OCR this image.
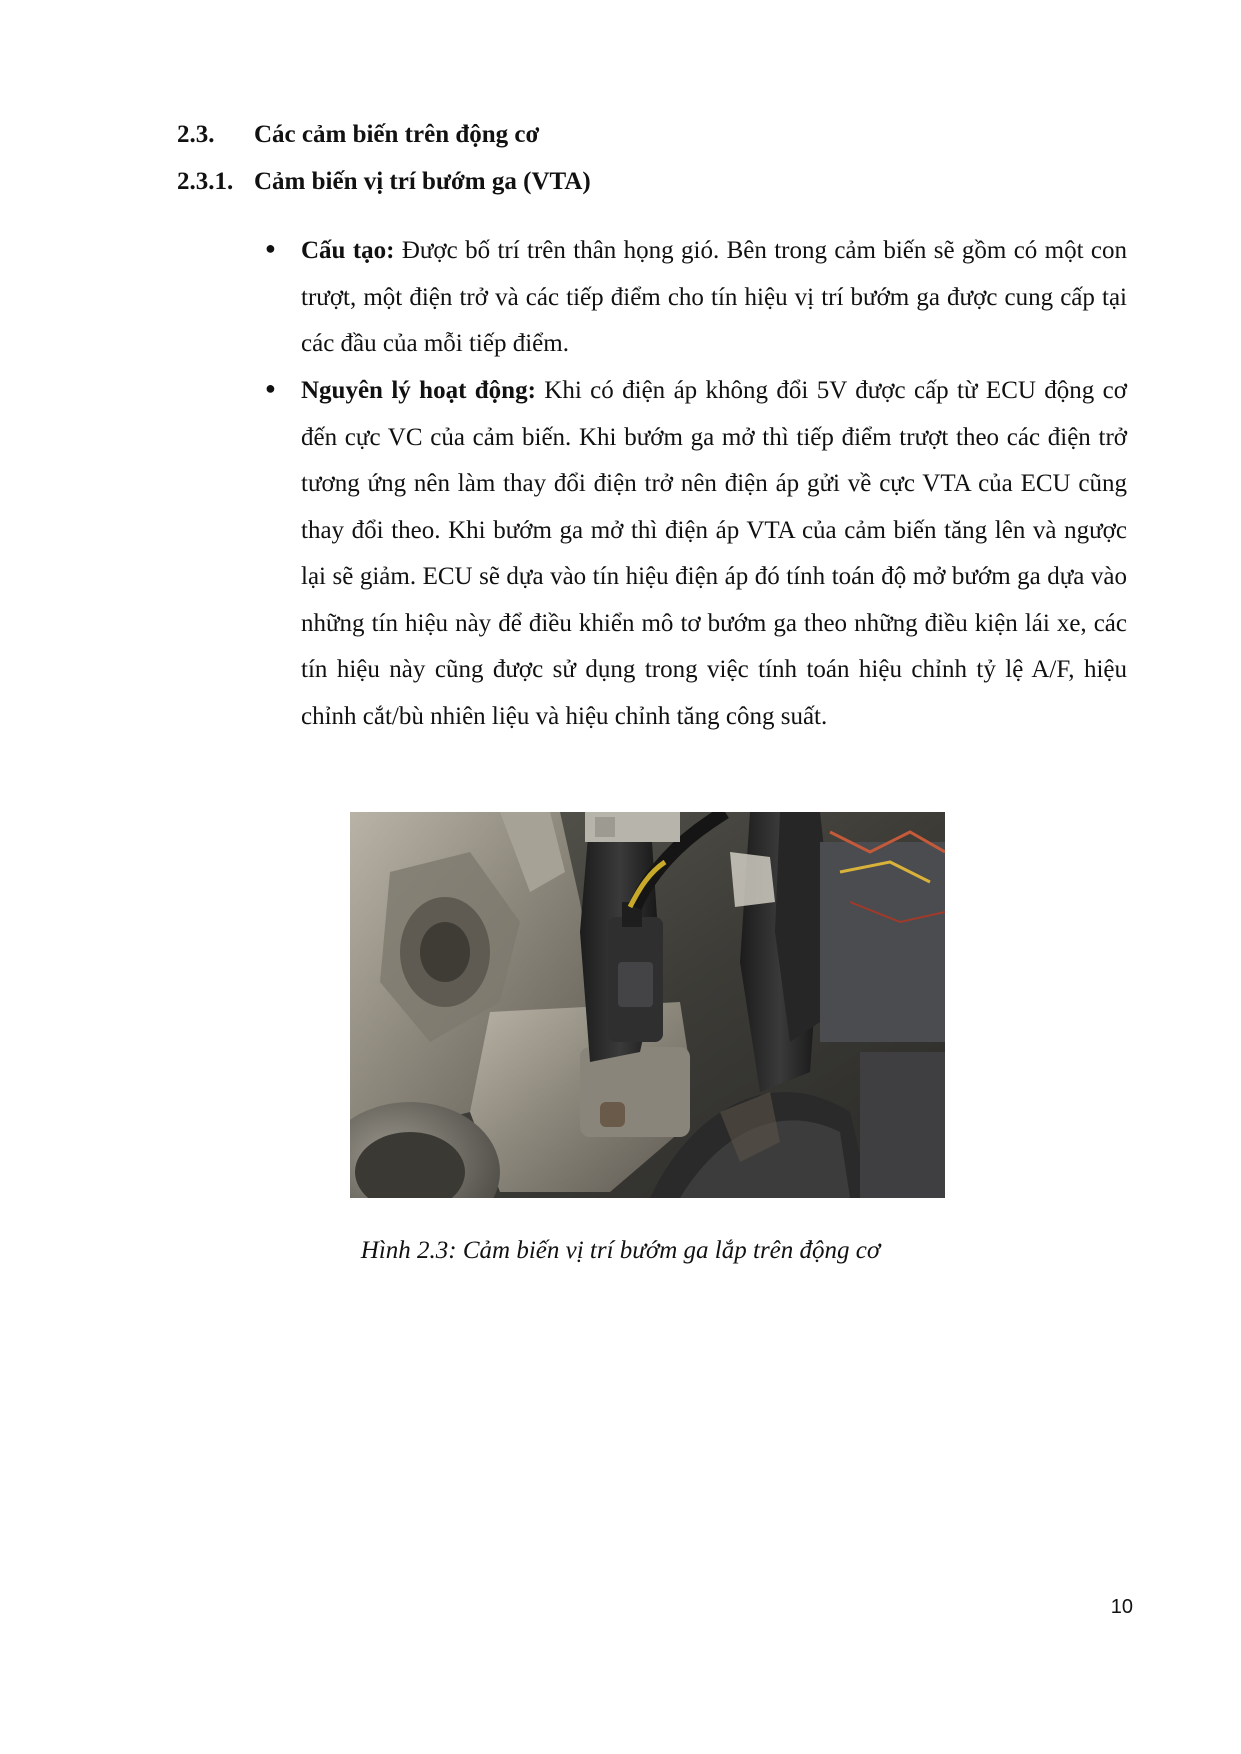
2.3. Các cảm biến trên động cơ
2.3.1. Cảm biến vị trí bướm ga (VTA)
●	Cấu tạo: Được bố trí trên thân họng gió. Bên trong cảm biến sẽ gồm có một con trượt, một điện trở và các tiếp điểm cho tín hiệu vị trí bướm ga được cung cấp tại các đầu của mỗi tiếp điểm.
●	Nguyên lý hoạt động: Khi có điện áp không đổi 5V được cấp từ ECU động cơ đến cực VC của cảm biến. Khi bướm ga mở thì tiếp điểm trượt theo các điện trở tương ứng nên làm thay đổi điện trở nên điện áp gửi về cực VTA của ECU cũng thay đổi theo. Khi bướm ga mở thì điện áp VTA của cảm biến tăng lên và ngược lại sẽ giảm. ECU sẽ dựa vào tín hiệu điện áp đó tính toán độ mở bướm ga dựa vào những tín hiệu này để điều khiển mô tơ bướm ga theo những điều kiện lái xe, các tín hiệu này cũng được sử dụng trong việc tính toán hiệu chỉnh tỷ lệ A/F, hiệu chỉnh cắt/bù nhiên liệu và hiệu chỉnh tăng công suất.
Hình 2.3: Cảm biến vị trí bướm ga lắp trên động cơ
10
